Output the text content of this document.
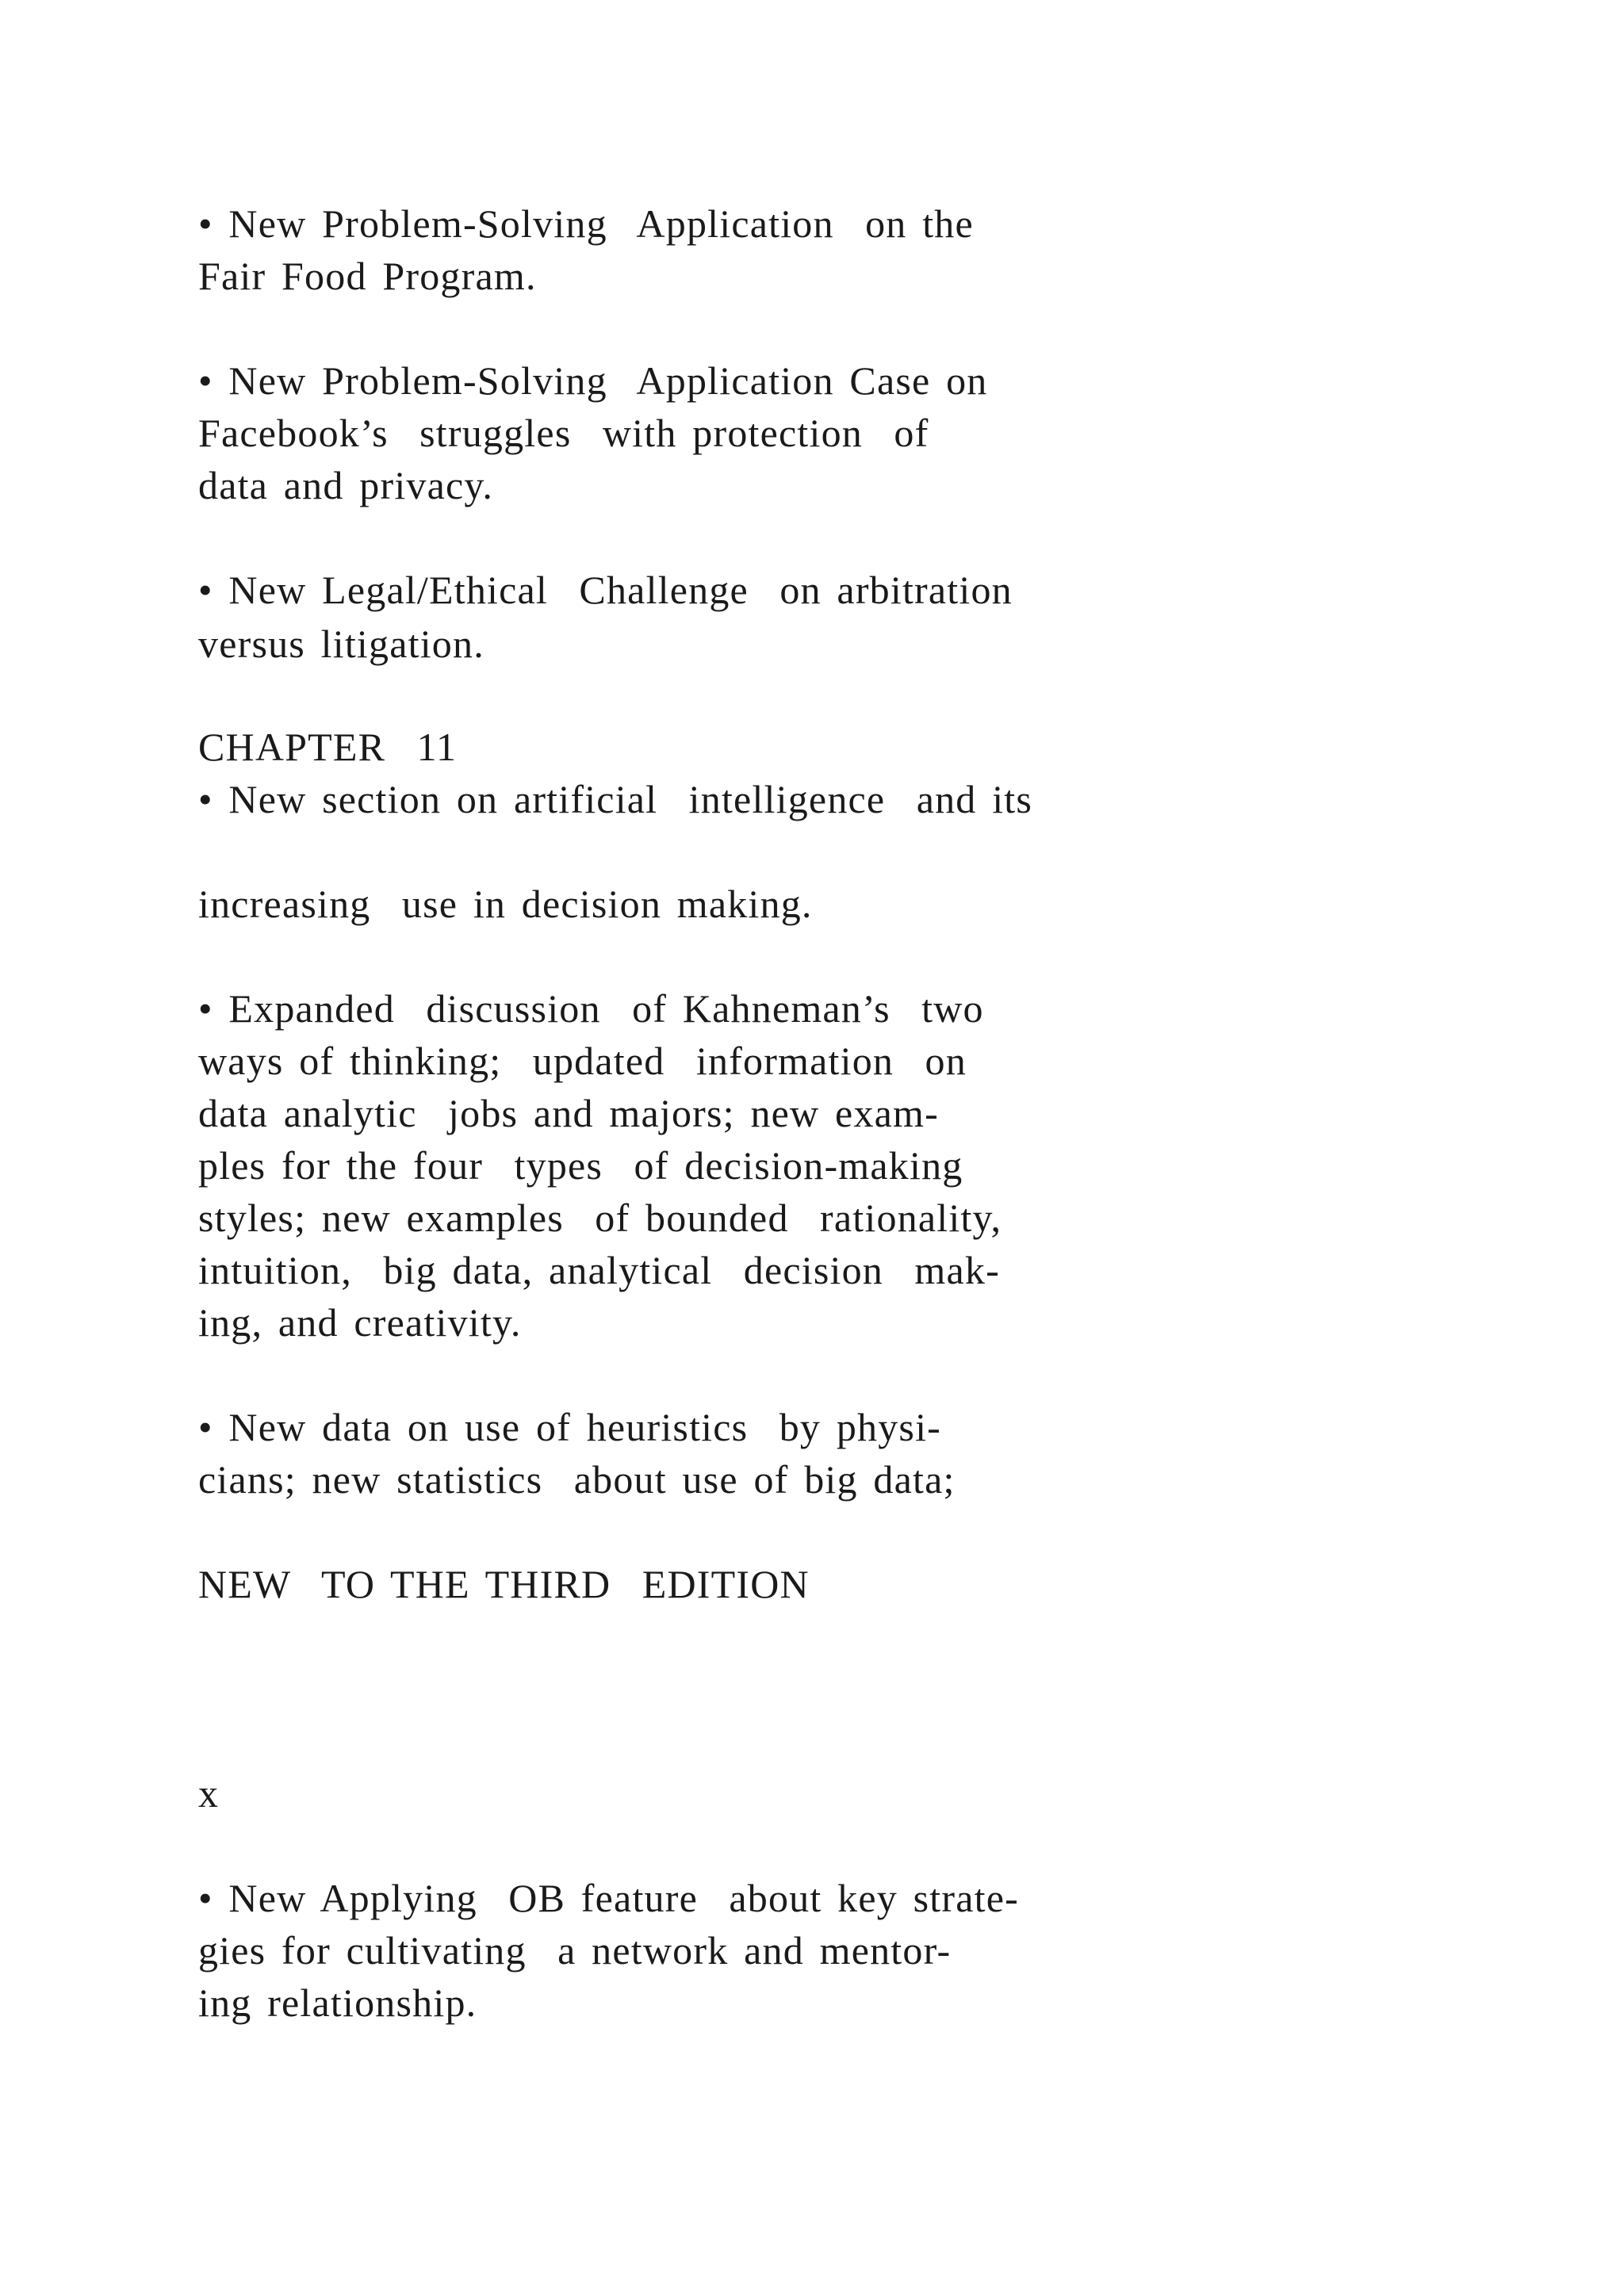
• New Problem-Solving  Application  on the

Fair Food Program.

• New Problem-Solving  Application Case on

Facebook’s  struggles  with protection  of

data and privacy.

• New Legal/Ethical  Challenge  on arbitration

versus litigation.

CHAPTER  11

• New section on artificial  intelligence  and its

increasing  use in decision making.

• Expanded  discussion  of Kahneman’s  two

ways of thinking;  updated  information  on

data analytic  jobs and majors; new exam-

ples for the four  types  of decision-making

styles; new examples  of bounded  rationality,

intuition,  big data, analytical  decision  mak-

ing, and creativity.

• New data on use of heuristics  by physi-

cians; new statistics  about use of big data;

NEW  TO THE THIRD  EDITION

x

• New Applying  OB feature  about key strate-

gies for cultivating  a network and mentor-

ing relationship.
